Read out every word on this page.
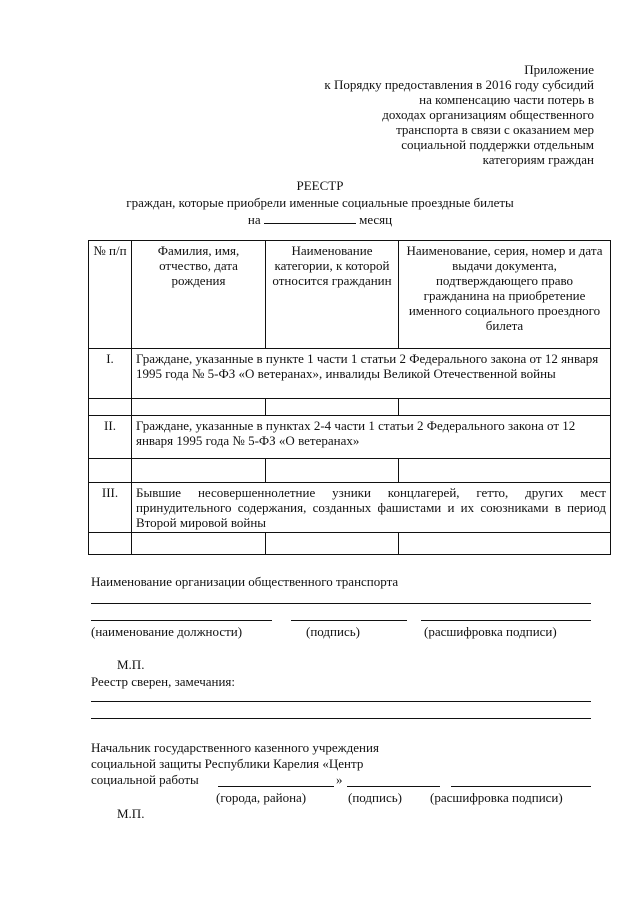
Приложение
к Порядку предоставления в 2016 году субсидий
на компенсацию части потерь в
доходах организациям общественного
транспорта в связи с оказанием мер
социальной поддержки отдельным
категориям граждан
РЕЕСТР
граждан, которые приобрели именные социальные проездные билеты
на	месяц
№ п/п	Фамилия, имя, отчество, дата рождения	Наименование категории, к которой относится гражданин	Наименование, серия, номер и дата выдачи документа, подтверждающего право гражданина на приобретение именного социального проездного билета
I.	Граждане, указанные в пункте 1 части 1 статьи 2 Федерального закона от 12 января 1995 года № 5-ФЗ «О ветеранах», инвалиды Великой Отечественной войны		

II.	Граждане, указанные в пунктах 2-4 части 1 статьи 2 Федерального закона от 12 января 1995 года № 5-ФЗ «О ветеранах»		

III.	Бывшие несовершеннолетние узники концлагерей, гетто, других мест принудительного содержания, созданных фашистами и их союзниками в период Второй мировой войны		

Наименование организации общественного транспорта
(наименование должности)	(подпись)	(расшифровка подписи)
М.П.
Реестр сверен, замечания:
Начальник государственного казенного учреждения
социальной защиты Республики Карелия «Центр
социальной работы	»
(города, района)	(подпись) (расшифровка подписи)
М.П.
